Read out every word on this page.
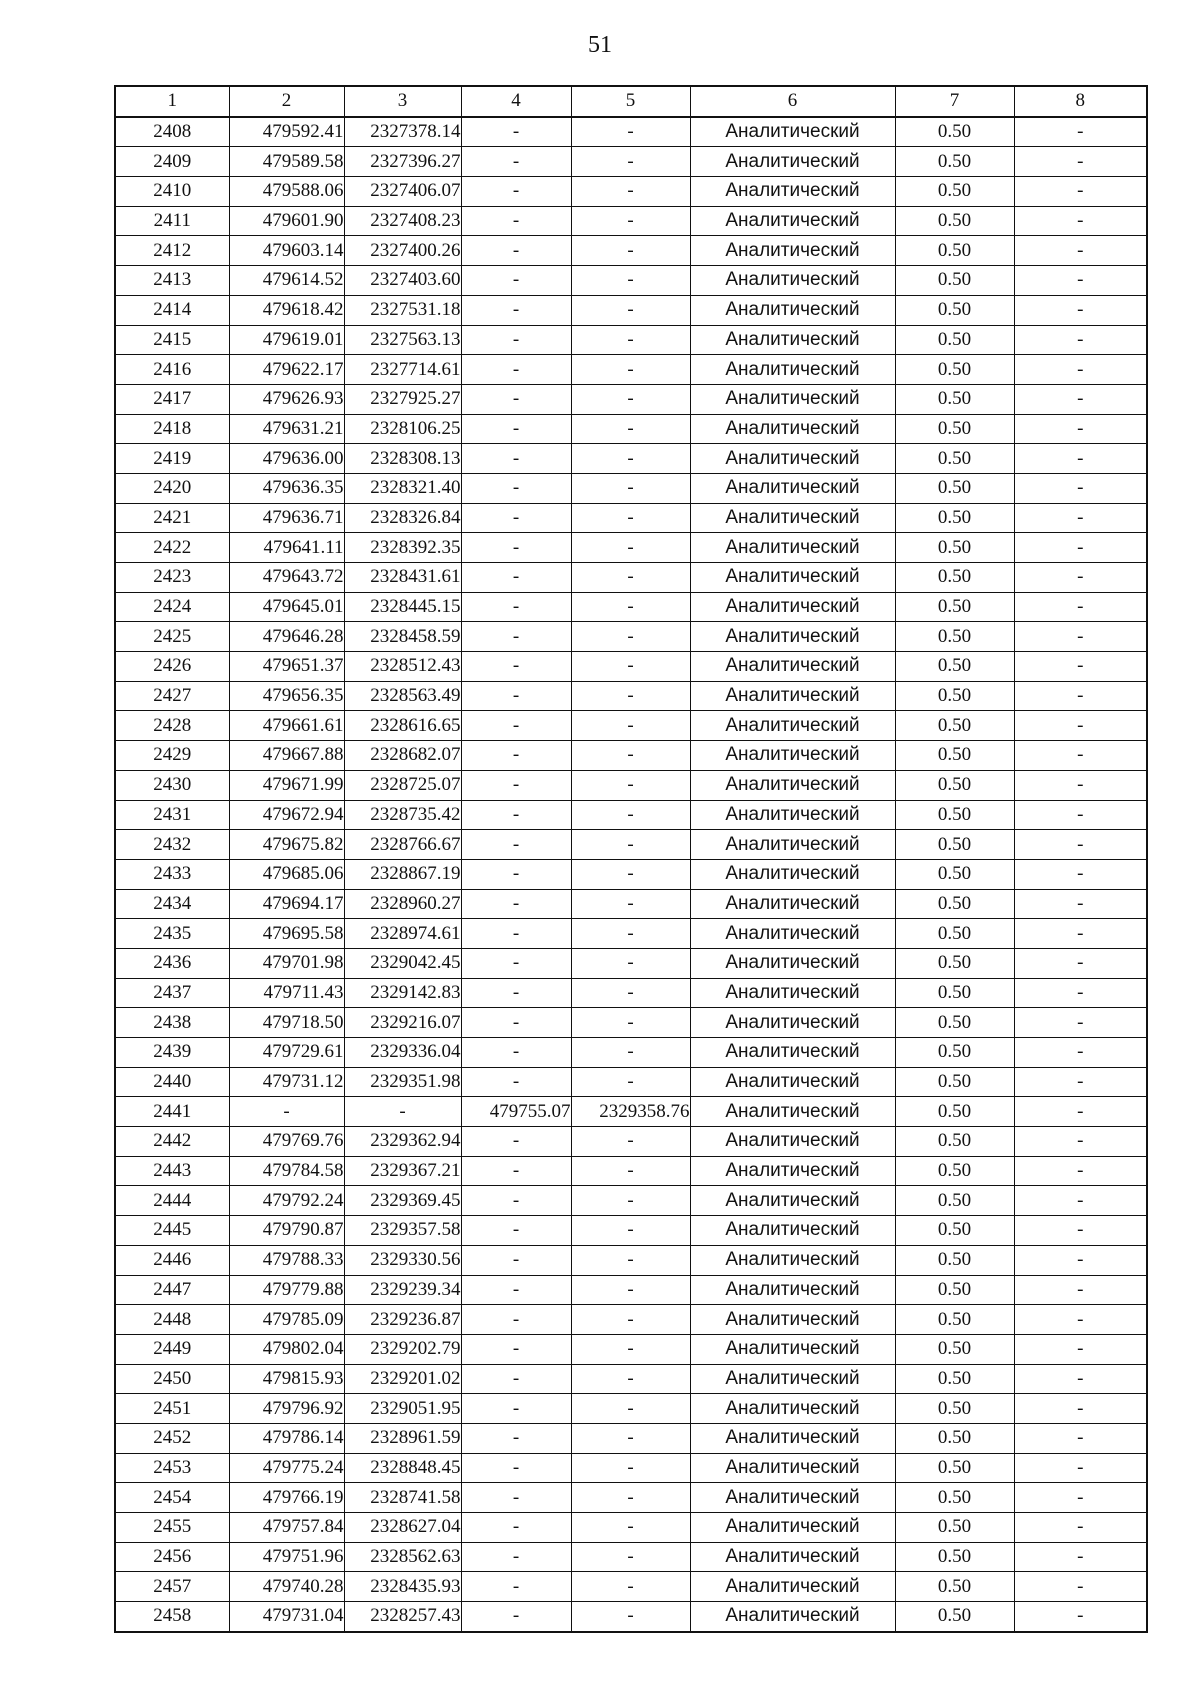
51
1	2	3	4	5	6	7	8
2408	479592.41	2327378.14	-	-	Аналитический	0.50	-
2409	479589.58	2327396.27	-	-	Аналитический	0.50	-
2410	479588.06	2327406.07	-	-	Аналитический	0.50	-
2411	479601.90	2327408.23	-	-	Аналитический	0.50	-
2412	479603.14	2327400.26	-	-	Аналитический	0.50	-
2413	479614.52	2327403.60	-	-	Аналитический	0.50	-
2414	479618.42	2327531.18	-	-	Аналитический	0.50	-
2415	479619.01	2327563.13	-	-	Аналитический	0.50	-
2416	479622.17	2327714.61	-	-	Аналитический	0.50	-
2417	479626.93	2327925.27	-	-	Аналитический	0.50	-
2418	479631.21	2328106.25	-	-	Аналитический	0.50	-
2419	479636.00	2328308.13	-	-	Аналитический	0.50	-
2420	479636.35	2328321.40	-	-	Аналитический	0.50	-
2421	479636.71	2328326.84	-	-	Аналитический	0.50	-
2422	479641.11	2328392.35	-	-	Аналитический	0.50	-
2423	479643.72	2328431.61	-	-	Аналитический	0.50	-
2424	479645.01	2328445.15	-	-	Аналитический	0.50	-
2425	479646.28	2328458.59	-	-	Аналитический	0.50	-
2426	479651.37	2328512.43	-	-	Аналитический	0.50	-
2427	479656.35	2328563.49	-	-	Аналитический	0.50	-
2428	479661.61	2328616.65	-	-	Аналитический	0.50	-
2429	479667.88	2328682.07	-	-	Аналитический	0.50	-
2430	479671.99	2328725.07	-	-	Аналитический	0.50	-
2431	479672.94	2328735.42	-	-	Аналитический	0.50	-
2432	479675.82	2328766.67	-	-	Аналитический	0.50	-
2433	479685.06	2328867.19	-	-	Аналитический	0.50	-
2434	479694.17	2328960.27	-	-	Аналитический	0.50	-
2435	479695.58	2328974.61	-	-	Аналитический	0.50	-
2436	479701.98	2329042.45	-	-	Аналитический	0.50	-
2437	479711.43	2329142.83	-	-	Аналитический	0.50	-
2438	479718.50	2329216.07	-	-	Аналитический	0.50	-
2439	479729.61	2329336.04	-	-	Аналитический	0.50	-
2440	479731.12	2329351.98	-	-	Аналитический	0.50	-
2441	-	-	479755.07	2329358.76	Аналитический	0.50	-
2442	479769.76	2329362.94	-	-	Аналитический	0.50	-
2443	479784.58	2329367.21	-	-	Аналитический	0.50	-
2444	479792.24	2329369.45	-	-	Аналитический	0.50	-
2445	479790.87	2329357.58	-	-	Аналитический	0.50	-
2446	479788.33	2329330.56	-	-	Аналитический	0.50	-
2447	479779.88	2329239.34	-	-	Аналитический	0.50	-
2448	479785.09	2329236.87	-	-	Аналитический	0.50	-
2449	479802.04	2329202.79	-	-	Аналитический	0.50	-
2450	479815.93	2329201.02	-	-	Аналитический	0.50	-
2451	479796.92	2329051.95	-	-	Аналитический	0.50	-
2452	479786.14	2328961.59	-	-	Аналитический	0.50	-
2453	479775.24	2328848.45	-	-	Аналитический	0.50	-
2454	479766.19	2328741.58	-	-	Аналитический	0.50	-
2455	479757.84	2328627.04	-	-	Аналитический	0.50	-
2456	479751.96	2328562.63	-	-	Аналитический	0.50	-
2457	479740.28	2328435.93	-	-	Аналитический	0.50	-
2458	479731.04	2328257.43	-	-	Аналитический	0.50	-
